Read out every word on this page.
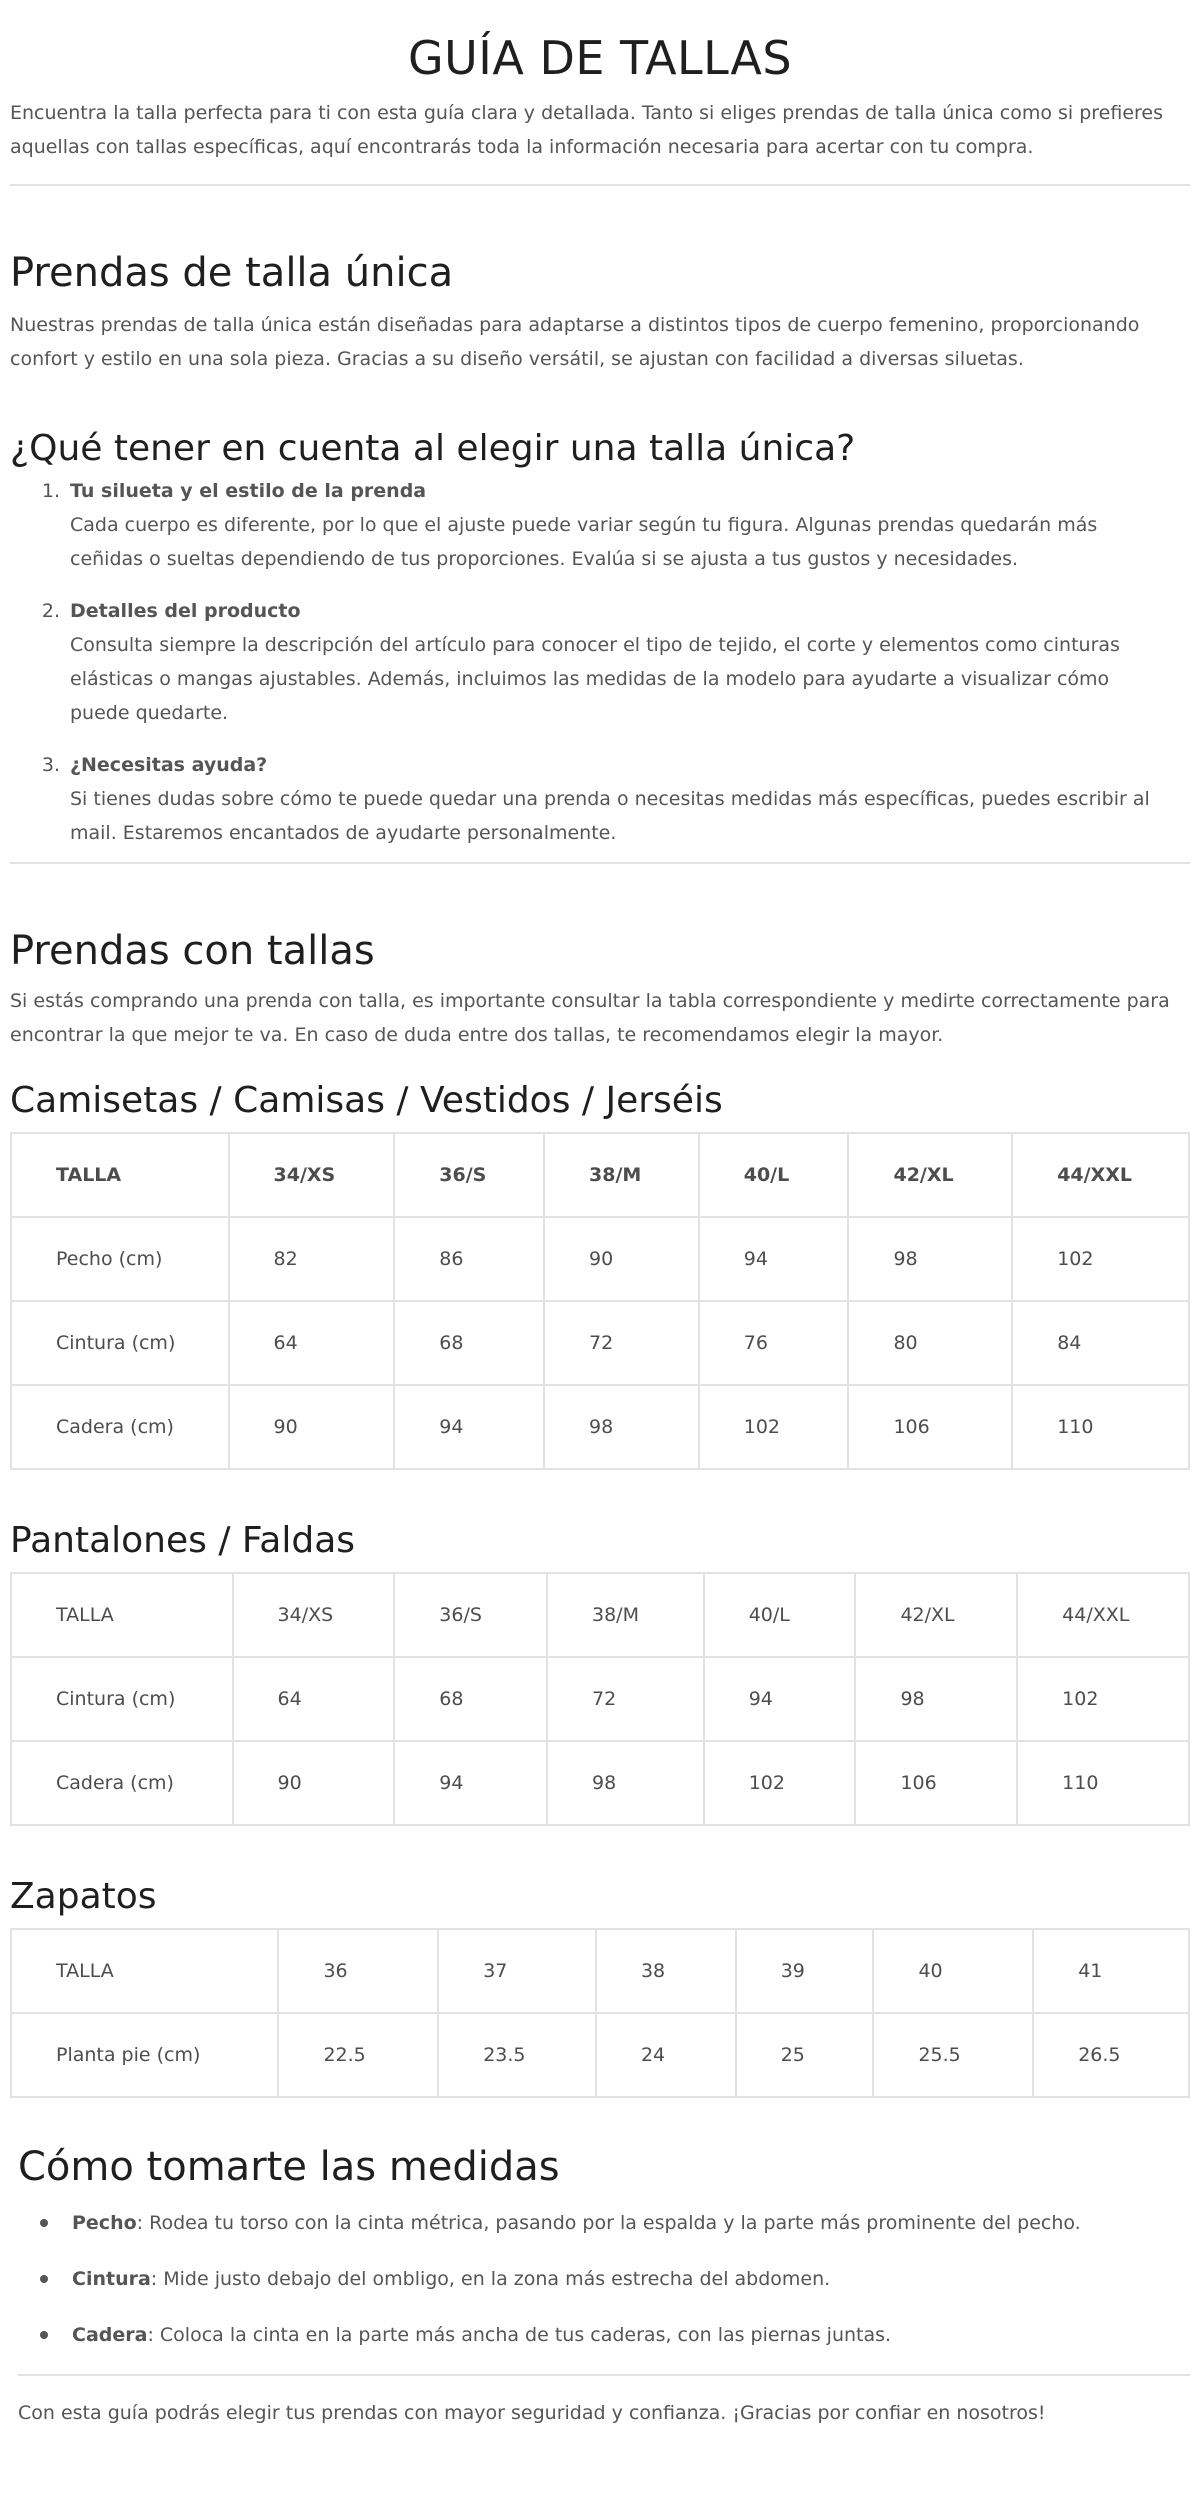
GUÍA DE TALLAS

Encuentra la talla perfecta para ti con esta guía clara y detallada. Tanto si eliges prendas de talla única como si prefieres aquellas con tallas específicas, aquí encontrarás toda la información necesaria para acertar con tu compra.

Prendas de talla única

Nuestras prendas de talla única están diseñadas para adaptarse a distintos tipos de cuerpo femenino, proporcionando confort y estilo en una sola pieza. Gracias a su diseño versátil, se ajustan con facilidad a diversas siluetas.

¿Qué tener en cuenta al elegir una talla única?
1. Tu silueta y el estilo de la prenda

Cada cuerpo es diferente, por lo que el ajuste puede variar según tu figura. Algunas prendas quedarán más ceñidas o sueltas dependiendo de tus proporciones. Evalúa si se ajusta a tus gustos y necesidades.

2. Detalles del producto

Consulta siempre la descripción del artículo para conocer el tipo de tejido, el corte y elementos como cinturas elásticas o mangas ajustables. Además, incluimos las medidas de la modelo para ayudarte a visualizar cómo puede quedarte.

3. ¿Necesitas ayuda?

Si tienes dudas sobre cómo te puede quedar una prenda o necesitas medidas más específicas, puedes escribir al mail. Estaremos encantados de ayudarte personalmente.

Prendas con tallas

Si estás comprando una prenda con talla, es importante consultar la tabla correspondiente y medirte correctamente para encontrar la que mejor te va. En caso de duda entre dos tallas, te recomendamos elegir la mayor.

Camisetas / Camisas / Vestidos / Jerséis
TALLA	34/XS	36/S	38/M	40/L	42/XL	44/XXL
Pecho (cm)	82	86	90	94	98	102
Cintura (cm)	64	68	72	76	80	84
Cadera (cm)	90	94	98	102	106	110
Pantalones / Faldas
TALLA	34/XS	36/S	38/M	40/L	42/XL	44/XXL
Cintura (cm)	64	68	72	94	98	102
Cadera (cm)	90	94	98	102	106	110
Zapatos
TALLA	36	37	38	39	40	41
Planta pie (cm)	22.5	23.5	24	25	25.5	26.5
Cómo tomarte las medidas
Pecho: Rodea tu torso con la cinta métrica, pasando por la espalda y la parte más prominente del pecho.
Cintura: Mide justo debajo del ombligo, en la zona más estrecha del abdomen.
Cadera: Coloca la cinta en la parte más ancha de tus caderas, con las piernas juntas.

Con esta guía podrás elegir tus prendas con mayor seguridad y confianza. ¡Gracias por confiar en nosotros!
